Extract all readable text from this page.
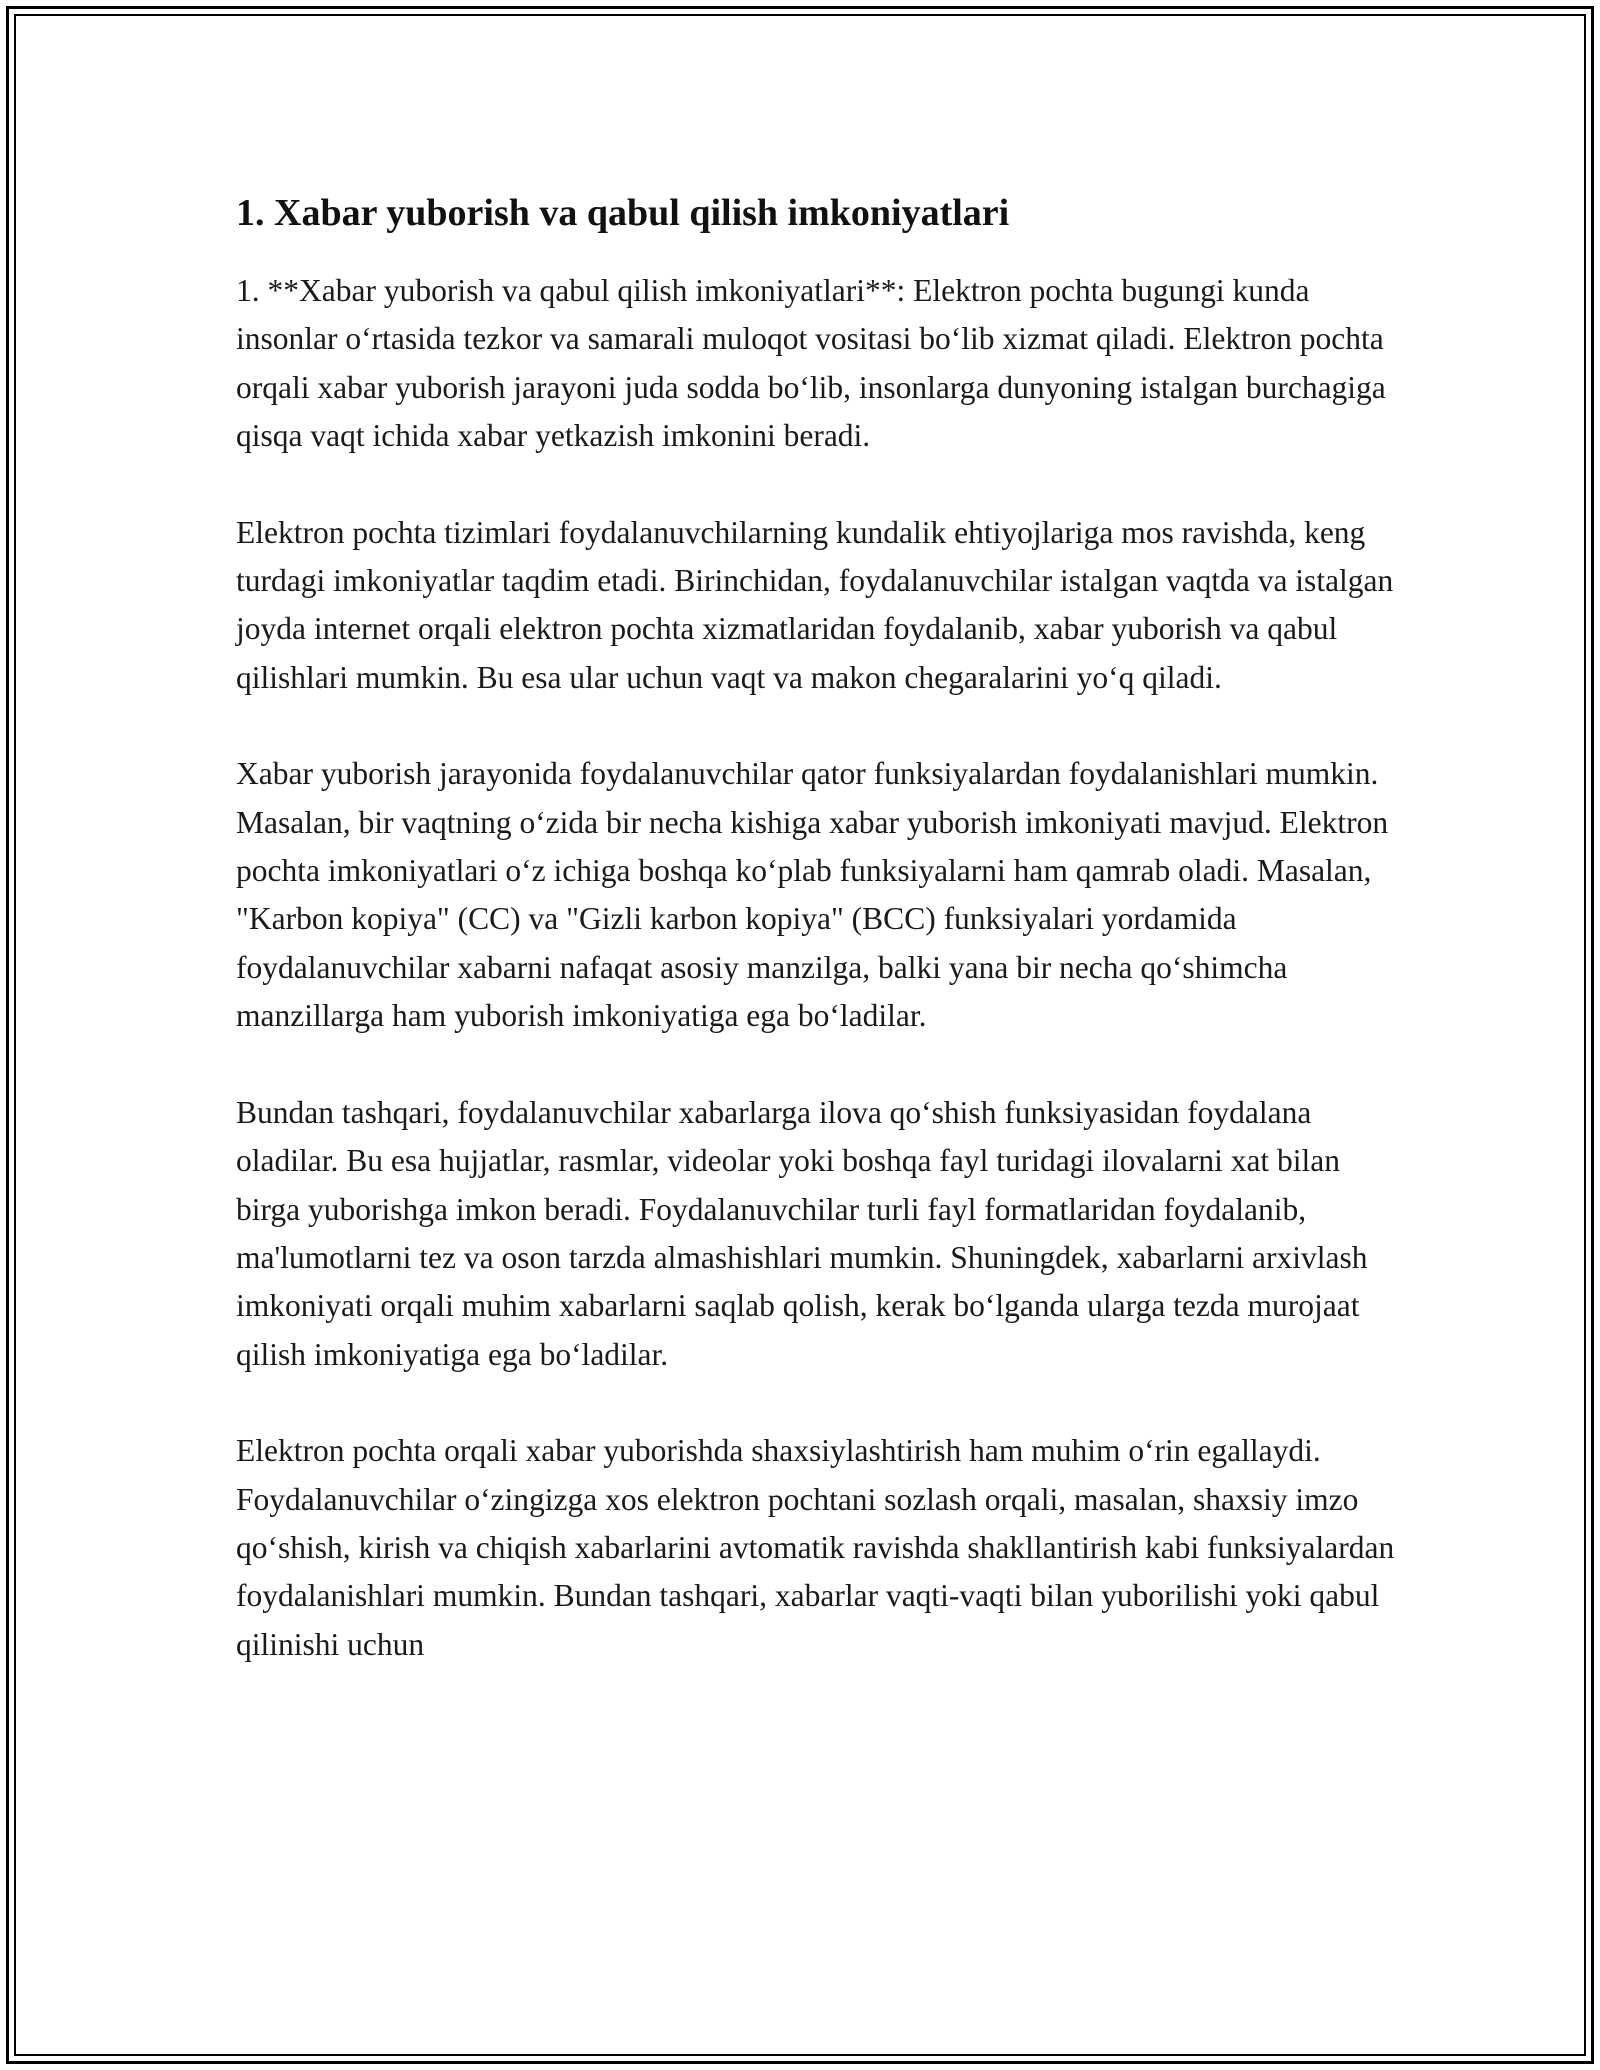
1. Xabar yuborish va qabul qilish imkoniyatlari

1. **Xabar yuborish va qabul qilish imkoniyatlari**: Elektron pochta bugungi kunda insonlar oʻrtasida tezkor va samarali muloqot vositasi boʻlib xizmat qiladi. Elektron pochta orqali xabar yuborish jarayoni juda sodda boʻlib, insonlarga dunyoning istalgan burchagiga qisqa vaqt ichida xabar yetkazish imkonini beradi.

Elektron pochta tizimlari foydalanuvchilarning kundalik ehtiyojlariga mos ravishda, keng turdagi imkoniyatlar taqdim etadi. Birinchidan, foydalanuvchilar istalgan vaqtda va istalgan joyda internet orqali elektron pochta xizmatlaridan foydalanib, xabar yuborish va qabul qilishlari mumkin. Bu esa ular uchun vaqt va makon chegaralarini yoʻq qiladi.

Xabar yuborish jarayonida foydalanuvchilar qator funksiyalardan foydalanishlari mumkin. Masalan, bir vaqtning oʻzida bir necha kishiga xabar yuborish imkoniyati mavjud. Elektron pochta imkoniyatlari oʻz ichiga boshqa koʻplab funksiyalarni ham qamrab oladi. Masalan, "Karbon kopiya" (CC) va "Gizli karbon kopiya" (BCC) funksiyalari yordamida foydalanuvchilar xabarni nafaqat asosiy manzilga, balki yana bir necha qoʻshimcha manzillarga ham yuborish imkoniyatiga ega boʻladilar.

Bundan tashqari, foydalanuvchilar xabarlarga ilova qoʻshish funksiyasidan foydalana oladilar. Bu esa hujjatlar, rasmlar, videolar yoki boshqa fayl turidagi ilovalarni xat bilan birga yuborishga imkon beradi. Foydalanuvchilar turli fayl formatlaridan foydalanib, ma'lumotlarni tez va oson tarzda almashishlari mumkin. Shuningdek, xabarlarni arxivlash imkoniyati orqali muhim xabarlarni saqlab qolish, kerak boʻlganda ularga tezda murojaat qilish imkoniyatiga ega boʻladilar.

Elektron pochta orqali xabar yuborishda shaxsiylashtirish ham muhim oʻrin egallaydi. Foydalanuvchilar oʻzingizga xos elektron pochtani sozlash orqali, masalan, shaxsiy imzo qoʻshish, kirish va chiqish xabarlarini avtomatik ravishda shakllantirish kabi funksiyalardan foydalanishlari mumkin. Bundan tashqari, xabarlar vaqti-vaqti bilan yuborilishi yoki qabul qilinishi uchun
